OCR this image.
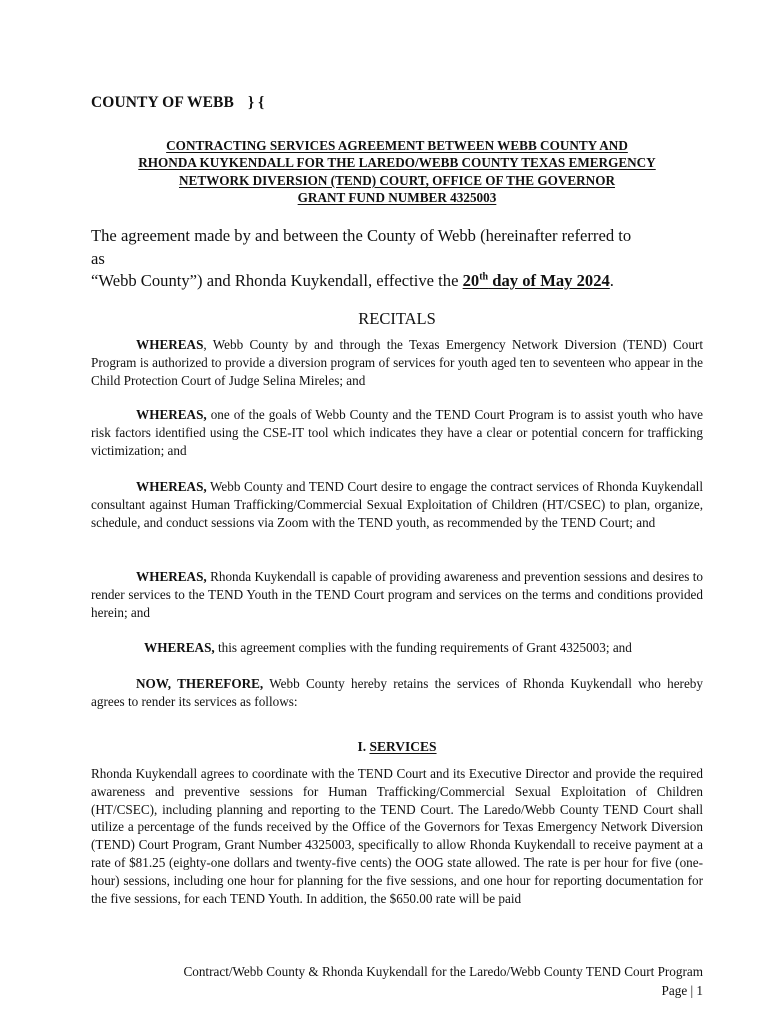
COUNTY OF WEBB } {
CONTRACTING SERVICES AGREEMENT BETWEEN WEBB COUNTY AND
RHONDA KUYKENDALL FOR THE LAREDO/WEBB COUNTY TEXAS EMERGENCY
NETWORK DIVERSION (TEND) COURT, OFFICE OF THE GOVERNOR
GRANT FUND NUMBER 4325003
The agreement made by and between the County of Webb (hereinafter referred to
as
“Webb County”) and Rhonda Kuykendall, effective the 20th day of May 2024.
RECITALS

WHEREAS, Webb County by and through the Texas Emergency Network Diversion (TEND) Court Program is authorized to provide a diversion program of services for youth aged ten to seventeen who appear in the Child Protection Court of Judge Selina Mireles; and

WHEREAS, one of the goals of Webb County and the TEND Court Program is to assist youth who have risk factors identified using the CSE-IT tool which indicates they have a clear or potential concern for trafficking victimization; and

WHEREAS, Webb County and TEND Court desire to engage the contract services of Rhonda Kuykendall consultant against Human Trafficking/Commercial Sexual Exploitation of Children (HT/CSEC) to plan, organize, schedule, and conduct sessions via Zoom with the TEND youth, as recommended by the TEND Court; and

WHEREAS, Rhonda Kuykendall is capable of providing awareness and prevention sessions and desires to render services to the TEND Youth in the TEND Court program and services on the terms and conditions provided herein; and

WHEREAS, this agreement complies with the funding requirements of Grant 4325003; and

NOW, THEREFORE, Webb County hereby retains the services of Rhonda Kuykendall who hereby agrees to render its services as follows:

I. SERVICES

Rhonda Kuykendall agrees to coordinate with the TEND Court and its Executive Director and provide the required awareness and preventive sessions for Human Trafficking/Commercial Sexual Exploitation of Children (HT/CSEC), including planning and reporting to the TEND Court. The Laredo/Webb County TEND Court shall utilize a percentage of the funds received by the Office of the Governors for Texas Emergency Network Diversion (TEND) Court Program, Grant Number 4325003, specifically to allow Rhonda Kuykendall to receive payment at a rate of $81.25 (eighty-one dollars and twenty-five cents) the OOG state allowed. The rate is per hour for five (one-hour) sessions, including one hour for planning for the five sessions, and one hour for reporting documentation for the five sessions, for each TEND Youth. In addition, the $650.00 rate will be paid

Contract/Webb County & Rhonda Kuykendall for the Laredo/Webb County TEND Court Program
Page | 1
